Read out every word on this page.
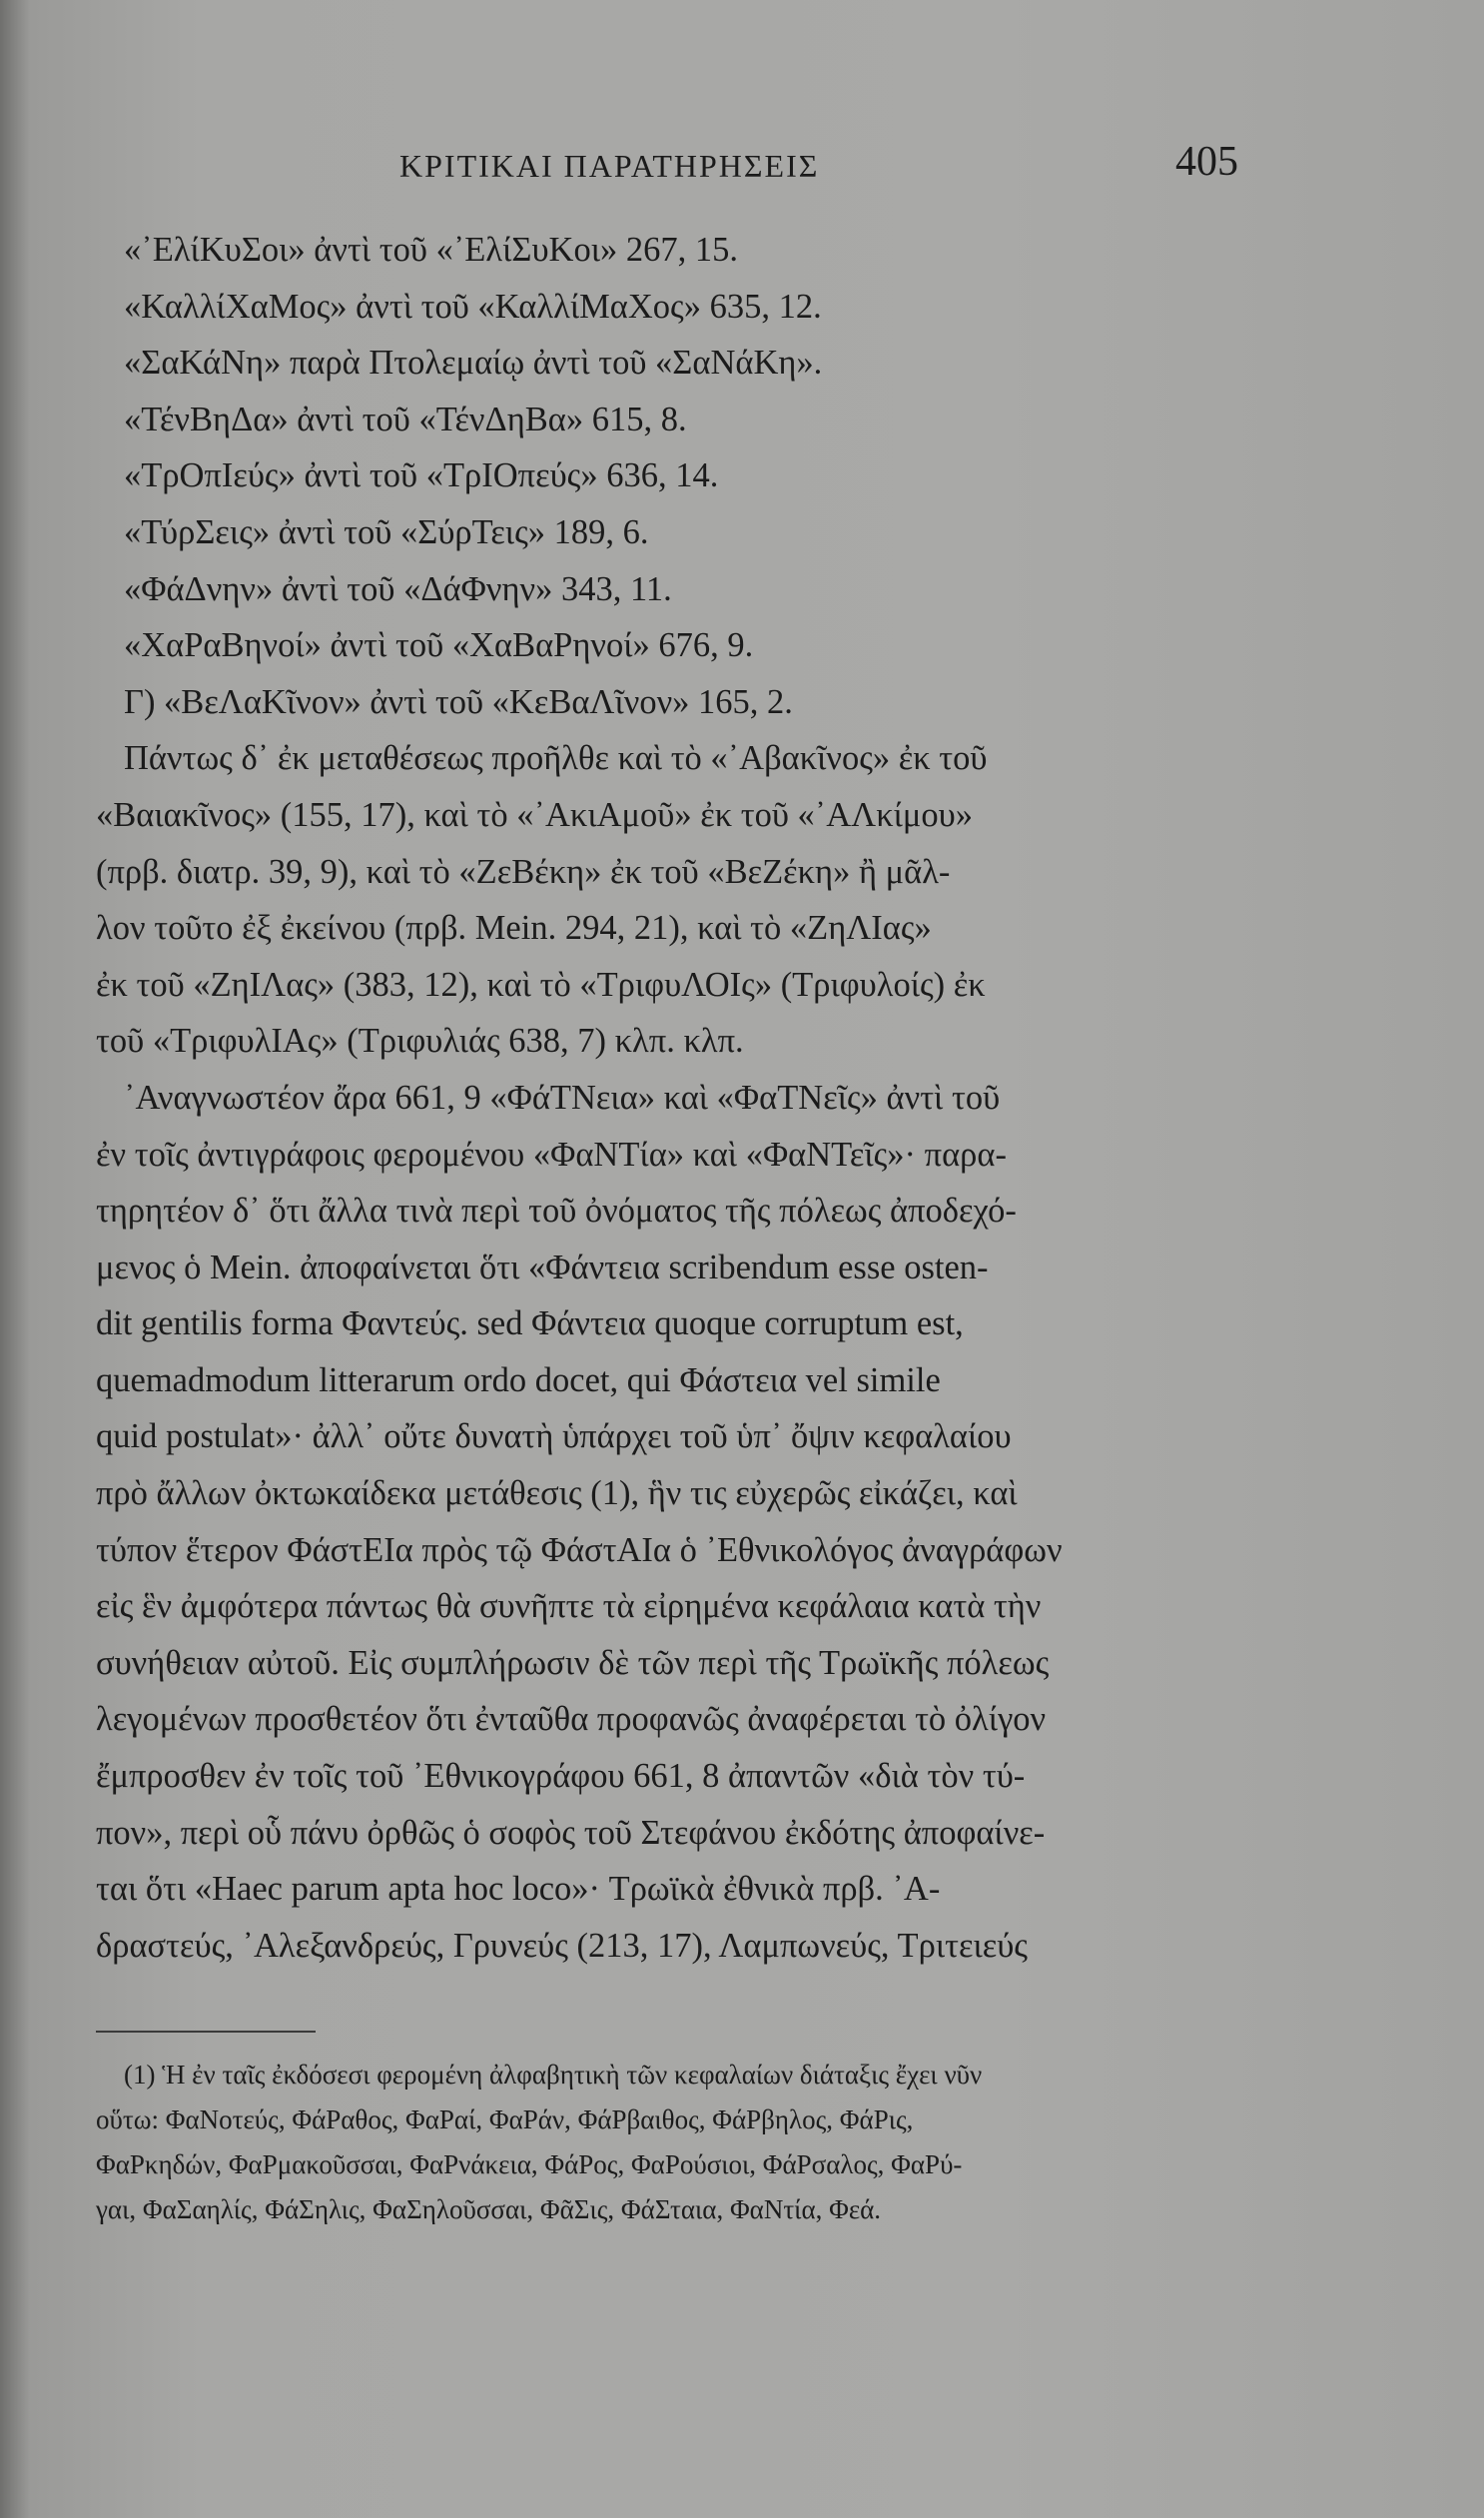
ΚΡΙΤΙΚΑΙ ΠΑΡΑΤΗΡΗΣΕΙΣ	405
«᾿ΕλίΚυΣοι» ἀντὶ τοῦ «᾿ΕλίΣυΚοι» 267, 15.
«ΚαλλίΧαΜος» ἀντὶ τοῦ «ΚαλλίΜαΧος» 635, 12.
«ΣαΚάΝη» παρὰ Πτολεμαίῳ ἀντὶ τοῦ «ΣαΝάΚη».
«ΤένΒηΔα» ἀντὶ τοῦ «ΤένΔηΒα» 615, 8.
«ΤρΟπΙεύς» ἀντὶ τοῦ «ΤρΙΟπεύς» 636, 14.
«ΤύρΣεις» ἀντὶ τοῦ «ΣύρΤεις» 189, 6.
«ΦάΔνην» ἀντὶ τοῦ «ΔάΦνην» 343, 11.
«ΧαΡαΒηνοί» ἀντὶ τοῦ «ΧαΒαΡηνοί» 676, 9.
Γ) «ΒεΛαΚῖνον» ἀντὶ τοῦ «ΚεΒαΛῖνον» 165, 2.
Πάντως δ᾿ ἐκ μεταθέσεως προῆλθε καὶ τὸ «᾿Αβακῖνος» ἐκ τοῦ
«Βαιακῖνος» (155, 17), καὶ τὸ «᾿ΑκιΑμοῦ» ἐκ τοῦ «᾿ΑΛκίμου»
(πρβ. διατρ. 39, 9), καὶ τὸ «ΖεΒέκη» ἐκ τοῦ «ΒεΖέκη» ἢ μᾶλ-
λον τοῦτο ἐξ ἐκείνου (πρβ. Mein. 294, 21), καὶ τὸ «ΖηΛΙας»
ἐκ τοῦ «ΖηΙΛας» (383, 12), καὶ τὸ «ΤριφυΛΟΙς» (Τριφυλοίς) ἐκ
τοῦ «ΤριφυλΙΑς» (Τριφυλιάς 638, 7) κλπ. κλπ.
᾿Αναγνωστέον ἄρα 661, 9 «ΦάΤΝεια» καὶ «ΦαΤΝεῖς» ἀντὶ τοῦ
ἐν τοῖς ἀντιγράφοις φερομένου «ΦαΝΤία» καὶ «ΦαΝΤεῖς»· παρα-
τηρητέον δ᾿ ὅτι ἄλλα τινὰ περὶ τοῦ ὀνόματος τῆς πόλεως ἀποδεχό-
μενος ὁ Mein. ἀποφαίνεται ὅτι «Φάντεια scribendum esse osten-
dit gentilis forma Φαντεύς. sed Φάντεια quoque corruptum est,
quemadmodum litterarum ordo docet, qui Φάστεια vel simile
quid postulat»· ἀλλ᾿ οὔτε δυνατὴ ὑπάρχει τοῦ ὑπ᾿ ὄψιν κεφαλαίου
πρὸ ἄλλων ὀκτωκαίδεκα μετάθεσις (1), ἣν τις εὐχερῶς εἰκάζει, καὶ
τύπον ἕτερον ΦάστΕΙα πρὸς τῷ ΦάστΑΙα ὁ ᾿Εθνικολόγος ἀναγράφων
εἰς ἓν ἀμφότερα πάντως θὰ συνῆπτε τὰ εἰρημένα κεφάλαια κατὰ τὴν
συνήθειαν αὐτοῦ. Εἰς συμπλήρωσιν δὲ τῶν περὶ τῆς Τρωϊκῆς πόλεως
λεγομένων προσθετέον ὅτι ἐνταῦθα προφανῶς ἀναφέρεται τὸ ὀλίγον
ἔμπροσθεν ἐν τοῖς τοῦ ᾿Εθνικογράφου 661, 8 ἀπαντῶν «διὰ τὸν τύ-
πον», περὶ οὗ πάνυ ὀρθῶς ὁ σοφὸς τοῦ Στεφάνου ἐκδότης ἀποφαίνε-
ται ὅτι «Haec parum apta hoc loco»· Τρωϊκὰ ἐθνικὰ πρβ. ᾿Α-
δραστεύς, ᾿Αλεξανδρεύς, Γρυνεύς (213, 17), Λαμπωνεύς, Τριτειεύς
(1) Ἡ ἐν ταῖς ἐκδόσεσι φερομένη ἀλφαβητικὴ τῶν κεφαλαίων διάταξις ἔχει νῦν
οὕτω: ΦαΝοτεύς, ΦάΡαθος, ΦαΡαί, ΦαΡάν, ΦάΡβαιθος, ΦάΡβηλος, ΦάΡις,
ΦαΡκηδών, ΦαΡμακοῦσσαι, ΦαΡνάκεια, ΦάΡος, ΦαΡούσιοι, ΦάΡσαλος, ΦαΡύ-
γαι, ΦαΣαηλίς, ΦάΣηλις, ΦαΣηλοῦσσαι, ΦᾶΣις, ΦάΣταια, ΦαΝτία, Φεά.
